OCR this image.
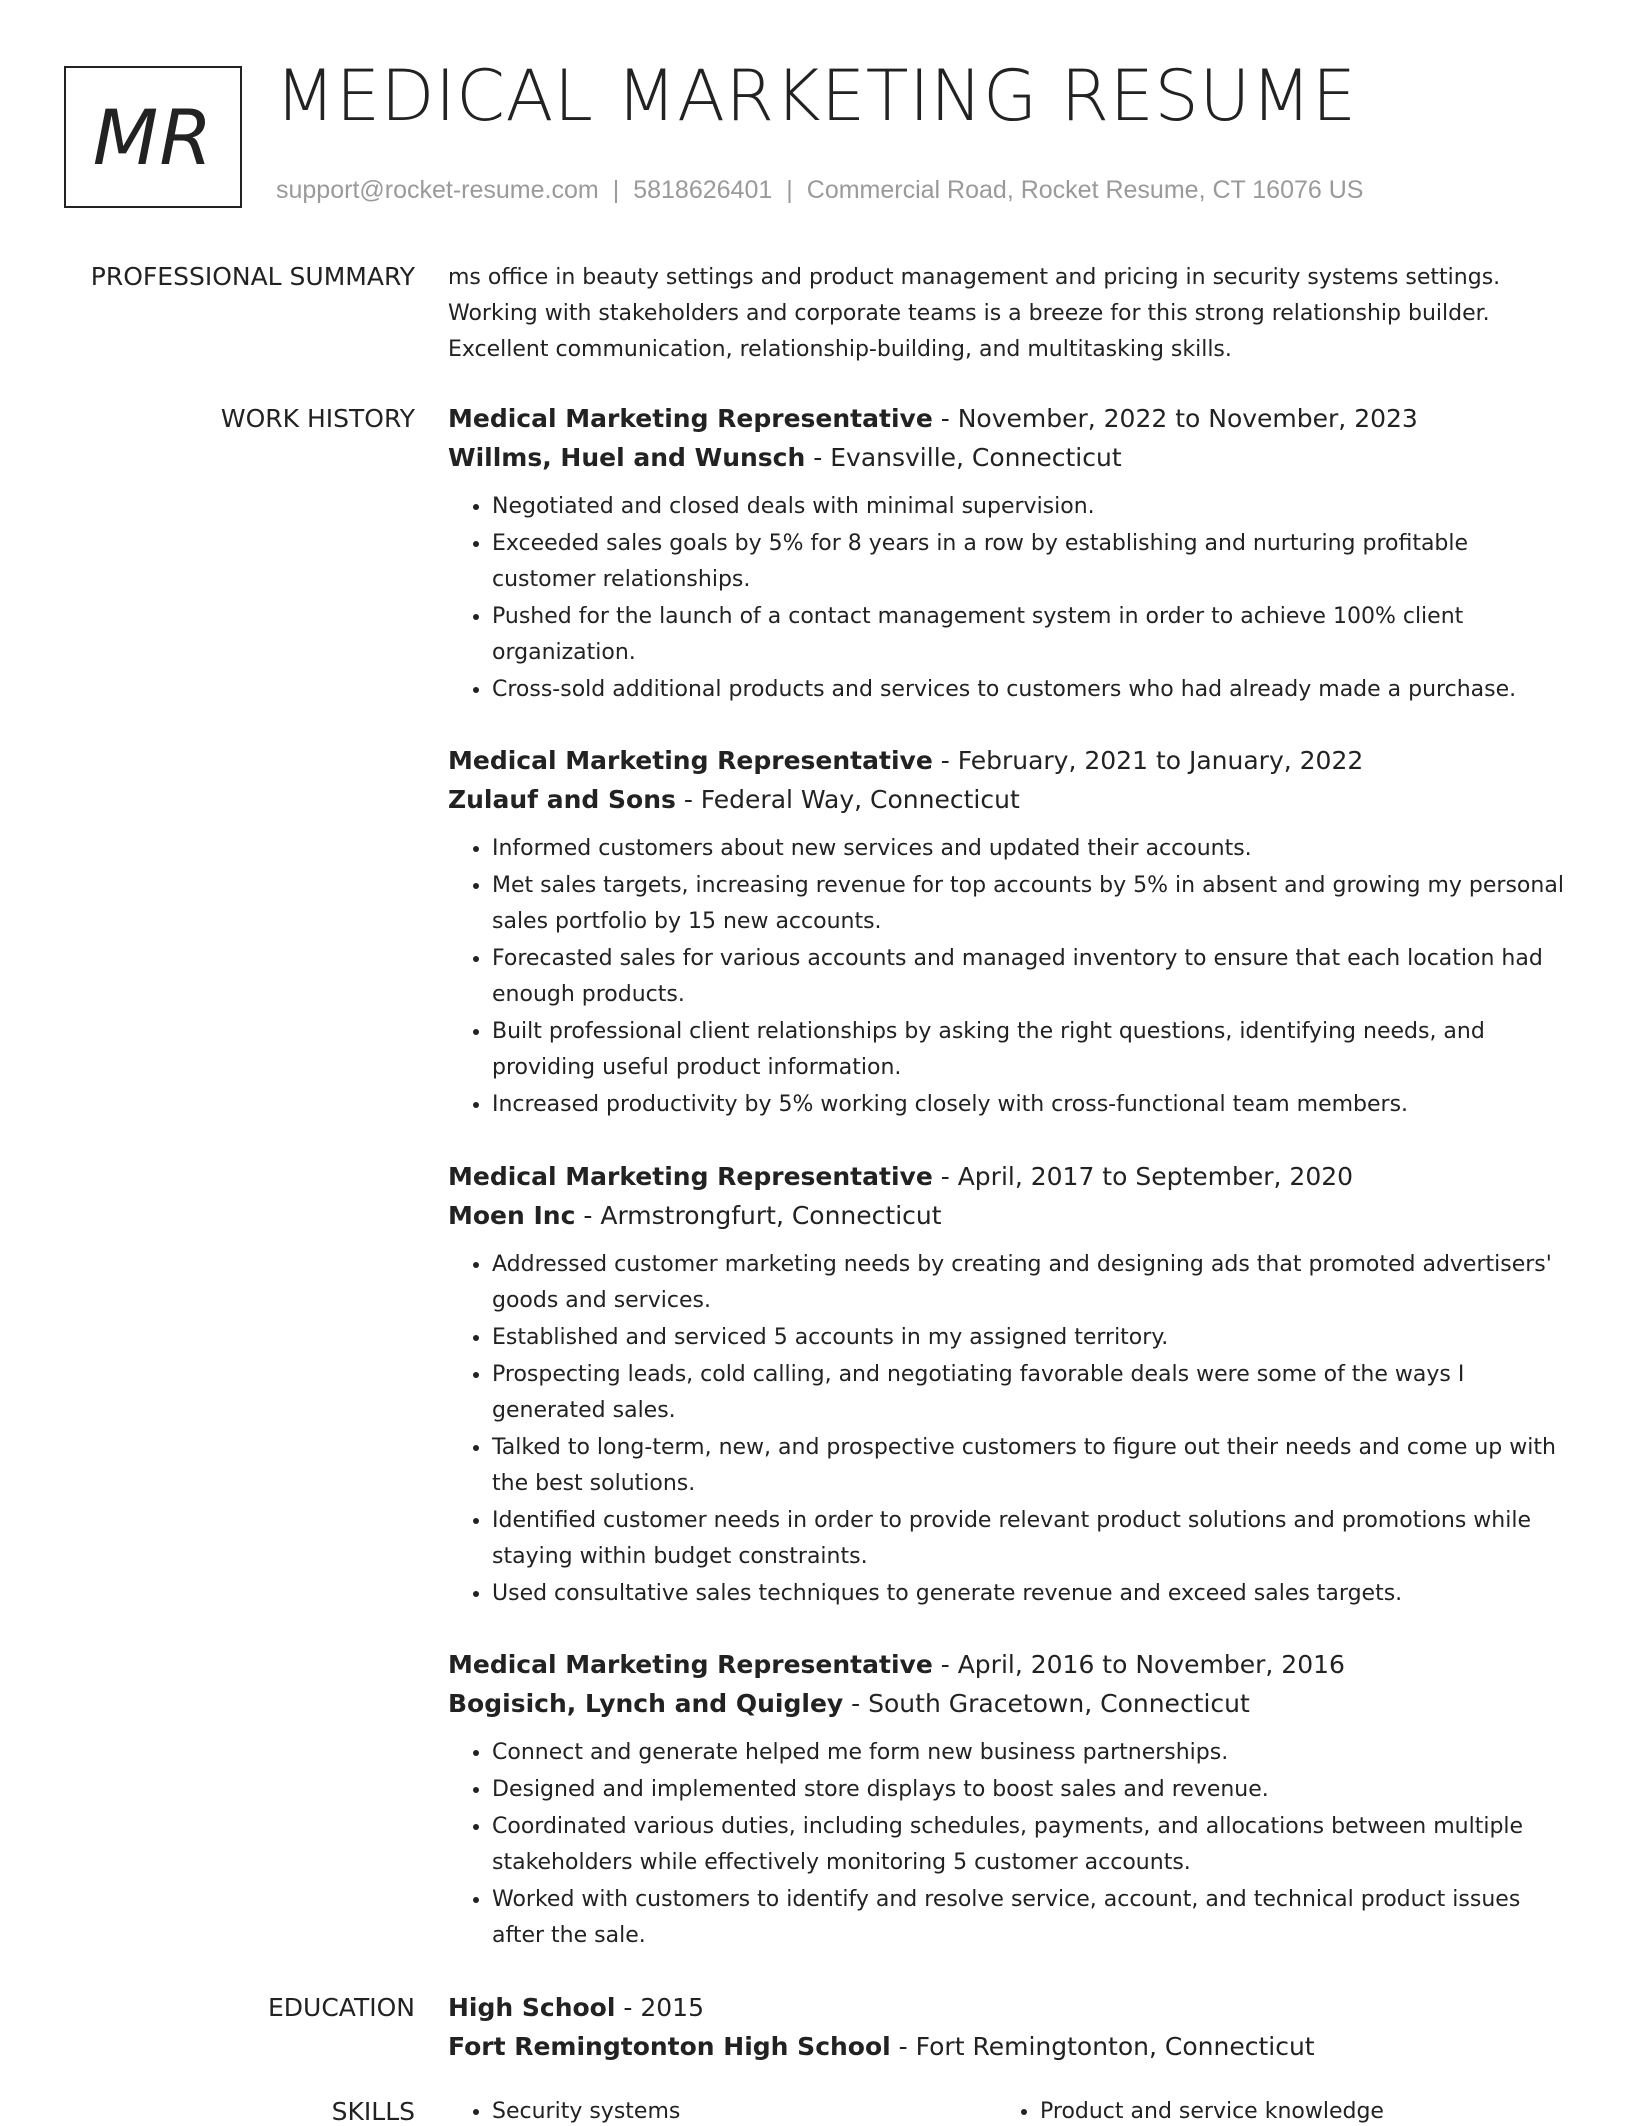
MR MEDICAL MARKETING RESUME
support@rocket-resume.com | 5818626401 | Commercial Road, Rocket Resume, CT 16076 US
PROFESSIONAL SUMMARY ms office in beauty settings and product management and pricing in security systems settings.
Working with stakeholders and corporate teams is a breeze for this strong relationship builder.
Excellent communication, relationship-building, and multitasking skills.
WORK HISTORY Medical Marketing Representative - November, 2022 to November, 2023
Willms, Huel and Wunsch - Evansville, Connecticut
• Negotiated and closed deals with minimal supervision.
• Exceeded sales goals by 5% for 8 years in a row by establishing and nurturing profitable customer relationships.
• Pushed for the launch of a contact management system in order to achieve 100% client organization.
• Cross-sold additional products and services to customers who had already made a purchase.
Medical Marketing Representative - February, 2021 to January, 2022
Zulauf and Sons - Federal Way, Connecticut
• Informed customers about new services and updated their accounts.
• Met sales targets, increasing revenue for top accounts by 5% in absent and growing my personal sales portfolio by 15 new accounts.
• Forecasted sales for various accounts and managed inventory to ensure that each location had enough products.
• Built professional client relationships by asking the right questions, identifying needs, and providing useful product information.
• Increased productivity by 5% working closely with cross-functional team members.
Medical Marketing Representative - April, 2017 to September, 2020
Moen Inc - Armstrongfurt, Connecticut
• Addressed customer marketing needs by creating and designing ads that promoted advertisers' goods and services.
• Established and serviced 5 accounts in my assigned territory.
• Prospecting leads, cold calling, and negotiating favorable deals were some of the ways I generated sales.
• Talked to long-term, new, and prospective customers to figure out their needs and come up with the best solutions.
• Identified customer needs in order to provide relevant product solutions and promotions while staying within budget constraints.
• Used consultative sales techniques to generate revenue and exceed sales targets.
Medical Marketing Representative - April, 2016 to November, 2016
Bogisich, Lynch and Quigley - South Gracetown, Connecticut
• Connect and generate helped me form new business partnerships.
• Designed and implemented store displays to boost sales and revenue.
• Coordinated various duties, including schedules, payments, and allocations between multiple stakeholders while effectively monitoring 5 customer accounts.
• Worked with customers to identify and resolve service, account, and technical product issues after the sale.
EDUCATION High School - 2015
Fort Remingtonton High School - Fort Remingtonton, Connecticut
SKILLS	• Security systems	• Product and service knowledge
